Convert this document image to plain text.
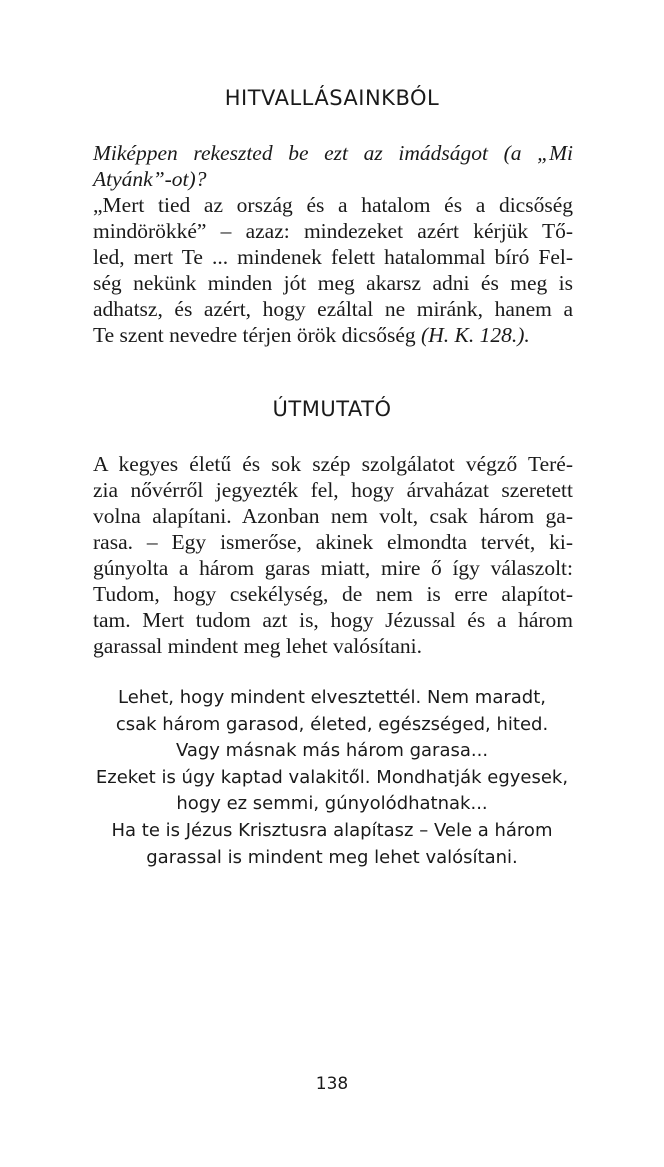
HITVALLÁSAINKBÓL
Miképpen rekeszted be ezt az imádságot (a „Mi
Atyánk”-ot)?
„Mert tied az ország és a hatalom és a dicsőség
mindörökké” – azaz: mindezeket azért kérjük Tő-
led, mert Te ... mindenek felett hatalommal bíró Fel-
ség nekünk minden jót meg akarsz adni és meg is
adhatsz, és azért, hogy ezáltal ne miránk, hanem a
Te szent nevedre térjen örök dicsőség (H. K. 128.).
ÚTMUTATÓ
A kegyes életű és sok szép szolgálatot végző Teré-
zia nővérről jegyezték fel, hogy árvaházat szeretett
volna alapítani. Azonban nem volt, csak három ga-
rasa. – Egy ismerőse, akinek elmondta tervét, ki-
gúnyolta a három garas miatt, mire ő így válaszolt:
Tudom, hogy csekélység, de nem is erre alapítot-
tam. Mert tudom azt is, hogy Jézussal és a három
garassal mindent meg lehet valósítani.
Lehet, hogy mindent elvesztettél. Nem maradt,
csak három garasod, életed, egészséged, hited.
Vagy másnak más három garasa...
Ezeket is úgy kaptad valakitől. Mondhatják egyesek,
hogy ez semmi, gúnyolódhatnak...
Ha te is Jézus Krisztusra alapítasz – Vele a három
garassal is mindent meg lehet valósítani.
138
